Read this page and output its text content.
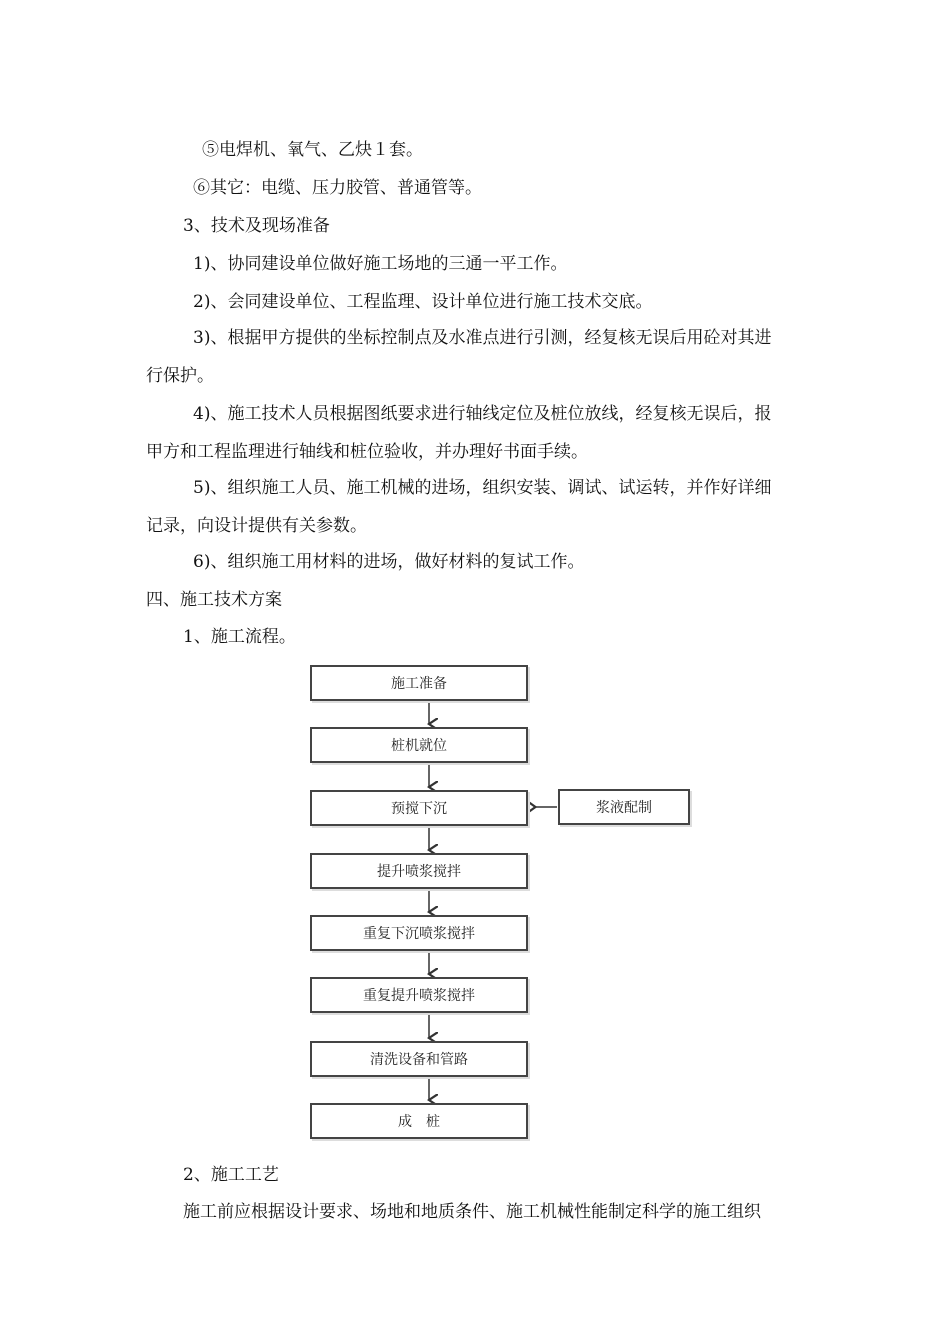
⑤电焊机、氧气、乙炔１套。
⑥其它：电缆、压力胶管、普通管等。
3、技术及现场准备
1)、协同建设单位做好施工场地的三通一平工作。
2)、会同建设单位、工程监理、设计单位进行施工技术交底。
3)、根据甲方提供的坐标控制点及水准点进行引测，经复核无误后用砼对其进
行保护。
4)、施工技术人员根据图纸要求进行轴线定位及桩位放线，经复核无误后，报
甲方和工程监理进行轴线和桩位验收，并办理好书面手续。
5)、组织施工人员、施工机械的进场，组织安装、调试、试运转，并作好详细
记录，向设计提供有关参数。
6)、组织施工用材料的进场，做好材料的复试工作。
四、施工技术方案
1、施工流程。
施工准备
桩机就位
预搅下沉
提升喷浆搅拌
重复下沉喷浆搅拌
重复提升喷浆搅拌
清洗设备和管路
成　桩
浆液配制
2、施工工艺
施工前应根据设计要求、场地和地质条件、施工机械性能制定科学的施工组织
